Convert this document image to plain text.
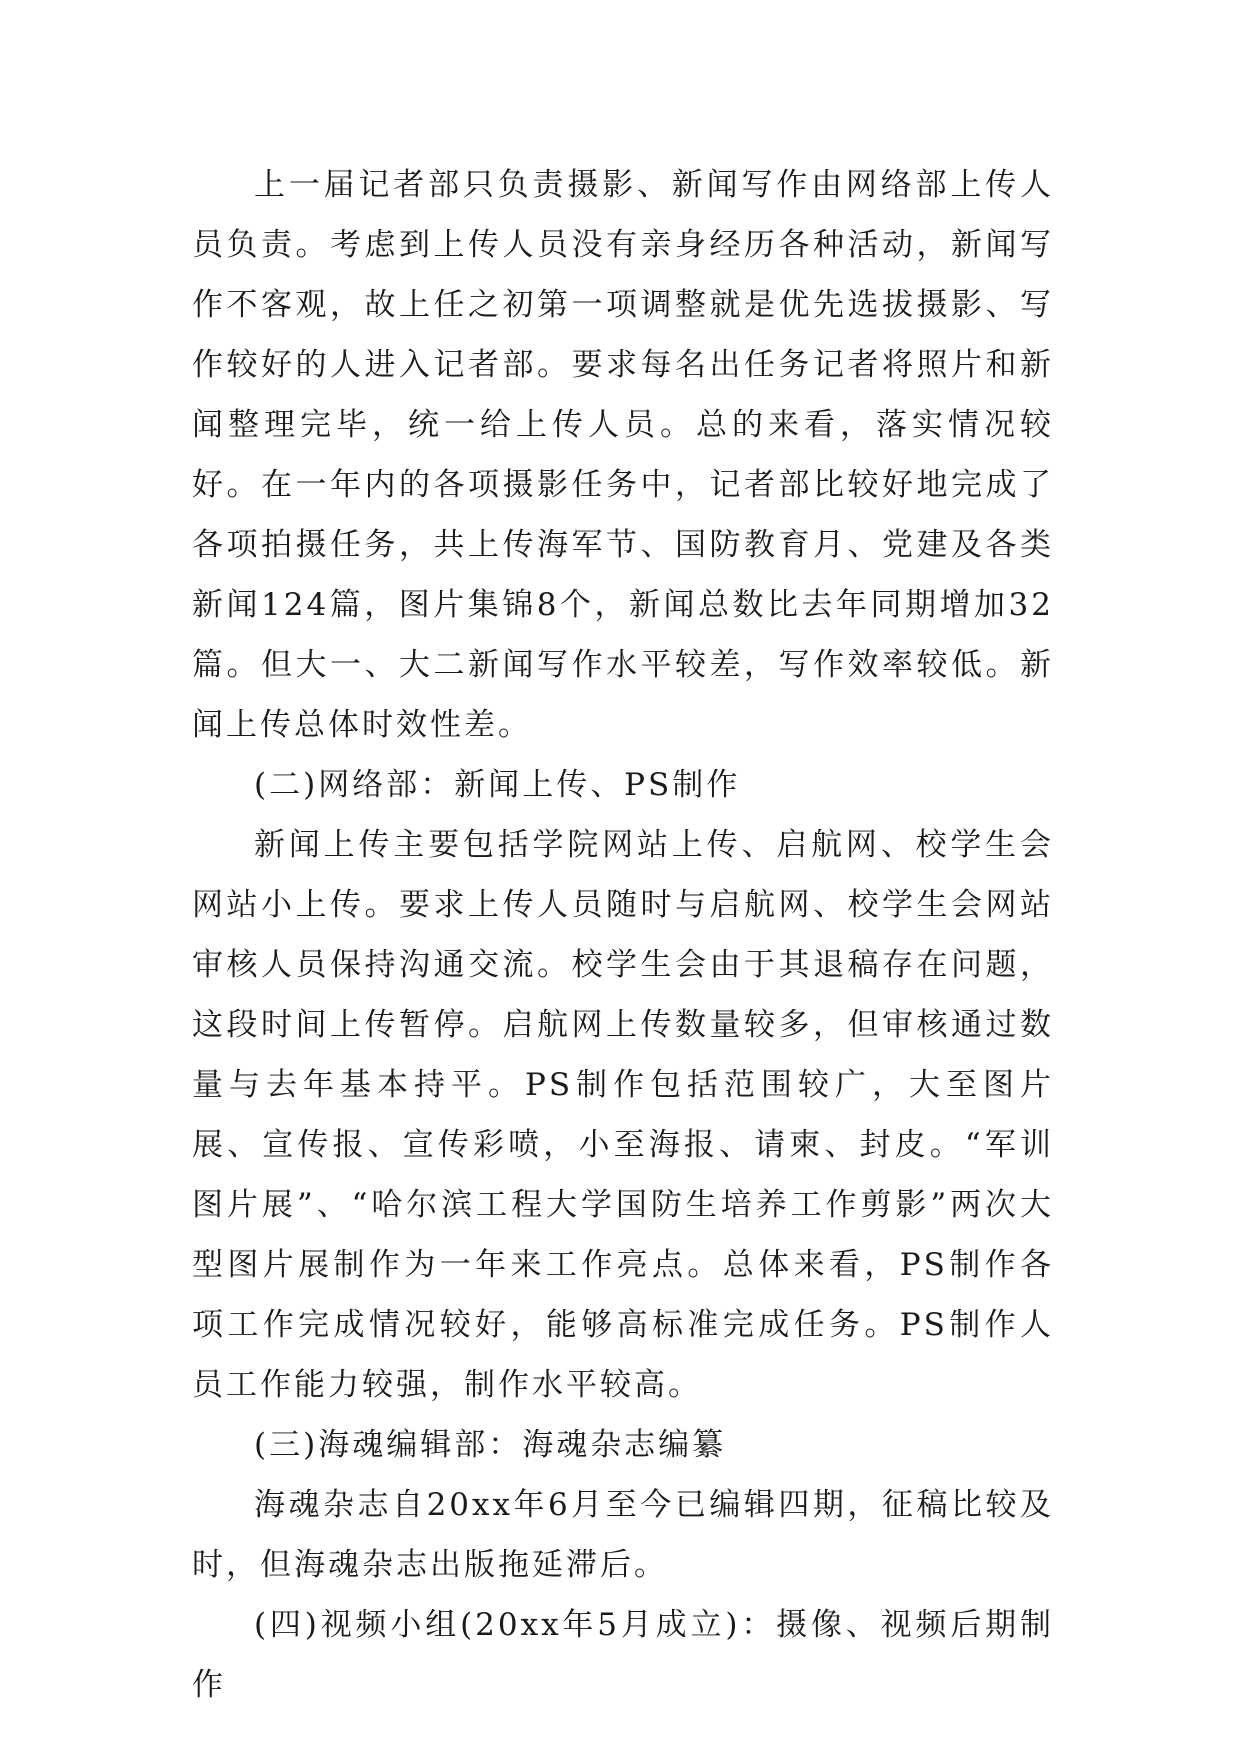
上一届记者部只负责摄影、新闻写作由网络部上传人员负责。考虑到上传人员没有亲身经历各种活动，新闻写作不客观，故上任之初第一项调整就是优先选拔摄影、写作较好的人进入记者部。要求每名出任务记者将照片和新闻整理完毕，统一给上传人员。总的来看，落实情况较好。在一年内的各项摄影任务中，记者部比较好地完成了各项拍摄任务，共上传海军节、国防教育月、党建及各类新闻124篇，图片集锦8个，新闻总数比去年同期增加32篇。但大一、大二新闻写作水平较差，写作效率较低。新闻上传总体时效性差。

(二)网络部：新闻上传、PS制作

新闻上传主要包括学院网站上传、启航网、校学生会网站小上传。要求上传人员随时与启航网、校学生会网站审核人员保持沟通交流。校学生会由于其退稿存在问题，这段时间上传暂停。启航网上传数量较多，但审核通过数量与去年基本持平。PS制作包括范围较广，大至图片展、宣传报、宣传彩喷，小至海报、请柬、封皮。“军训图片展”、“哈尔滨工程大学国防生培养工作剪影”两次大型图片展制作为一年来工作亮点。总体来看，PS制作各项工作完成情况较好，能够高标准完成任务。PS制作人员工作能力较强，制作水平较高。

(三)海魂编辑部：海魂杂志编纂

海魂杂志自20xx年6月至今已编辑四期，征稿比较及时，但海魂杂志出版拖延滞后。

(四)视频小组(20xx年5月成立)：摄像、视频后期制作
